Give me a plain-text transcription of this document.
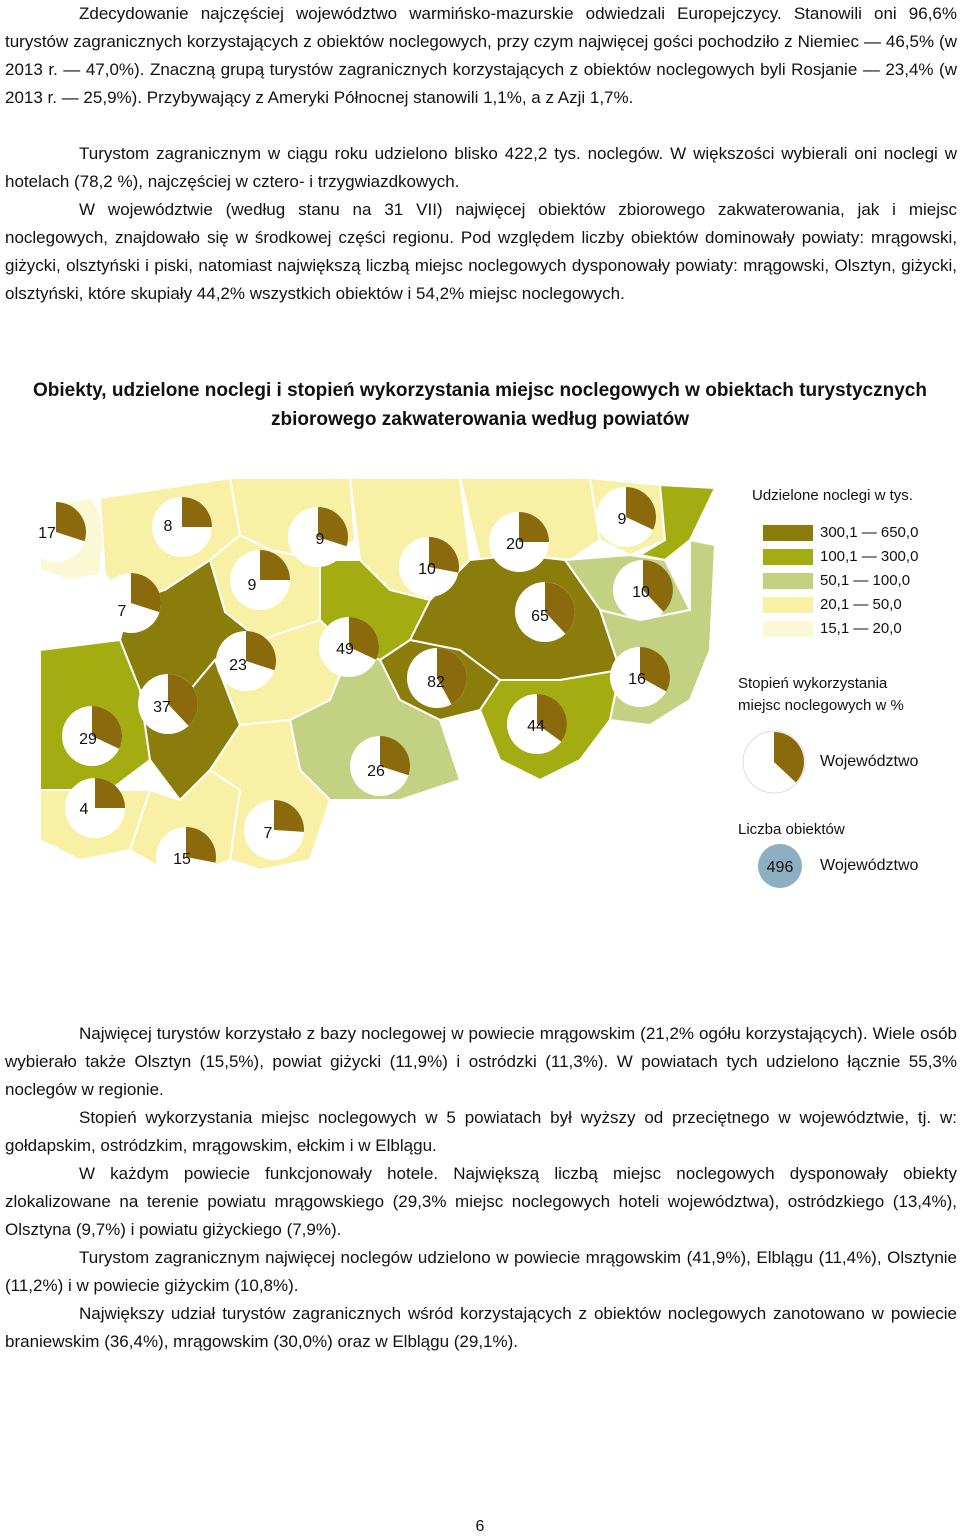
Zdecydowanie najczęściej województwo warmińsko-mazurskie odwiedzali Europejczycy. Stanowili oni 96,6% turystów zagranicznych korzystających z obiektów noclegowych, przy czym najwięcej gości pochodziło z Niemiec — 46,5% (w 2013 r. — 47,0%). Znaczną grupą turystów zagranicznych korzystających z obiektów noclegowych byli Rosjanie — 23,4% (w 2013 r. — 25,9%). Przybywający z Ameryki Północnej stanowili 1,1%, a z Azji 1,7%.

Turystom zagranicznym w ciągu roku udzielono blisko 422,2 tys. noclegów. W większości wybierali oni noclegi w hotelach (78,2 %), najczęściej w cztero- i trzygwiazdkowych.

W województwie (według stanu na 31 VII) najwięcej obiektów zbiorowego zakwaterowania, jak i miejsc noclegowych, znajdowało się w środkowej części regionu. Pod względem liczby obiektów dominowały powiaty: mrągowski, giżycki, olsztyński i piski, natomiast największą liczbą miejsc noclegowych dysponowały powiaty: mrągowski, Olsztyn, giżycki, olsztyński, które skupiały 44,2% wszystkich obiektów i 54,2% miejsc noclegowych.

Obiekty, udzielone noclegi i stopień wykorzystania miejsc noclegowych w obiektach turystycznych zbiorowego zakwaterowania według powiatów
17	8
7
9
9
23
49
10
20
65
9
10
82	16
37
29
44
26
4
7
15	496
Udzielone noclegi w tys.
300,1 — 650,0
100,1 — 300,0
50,1 — 100,0
20,1 — 50,0
15,1 — 20,0
Stopień wykorzystania
miejsc noclegowych w %
Województwo
Liczba obiektów
Województwo

Najwięcej turystów korzystało z bazy noclegowej w powiecie mrągowskim (21,2% ogółu korzystających). Wiele osób wybierało także Olsztyn (15,5%), powiat giżycki (11,9%) i ostródzki (11,3%). W powiatach tych udzielono łącznie 55,3% noclegów w regionie.

Stopień wykorzystania miejsc noclegowych w 5 powiatach był wyższy od przeciętnego w województwie, tj. w: gołdapskim, ostródzkim, mrągowskim, ełckim i w Elblągu.

W każdym powiecie funkcjonowały hotele. Największą liczbą miejsc noclegowych dysponowały obiekty zlokalizowane na terenie powiatu mrągowskiego (29,3% miejsc noclegowych hoteli województwa), ostródzkiego (13,4%), Olsztyna (9,7%) i powiatu giżyckiego (7,9%).

Turystom zagranicznym najwięcej noclegów udzielono w powiecie mrągowskim (41,9%), Elblągu (11,4%), Olsztynie (11,2%) i w powiecie giżyckim (10,8%).

Największy udział turystów zagranicznych wśród korzystających z obiektów noclegowych zanotowano w powiecie braniewskim (36,4%), mrągowskim (30,0%) oraz w Elblągu (29,1%).

6
